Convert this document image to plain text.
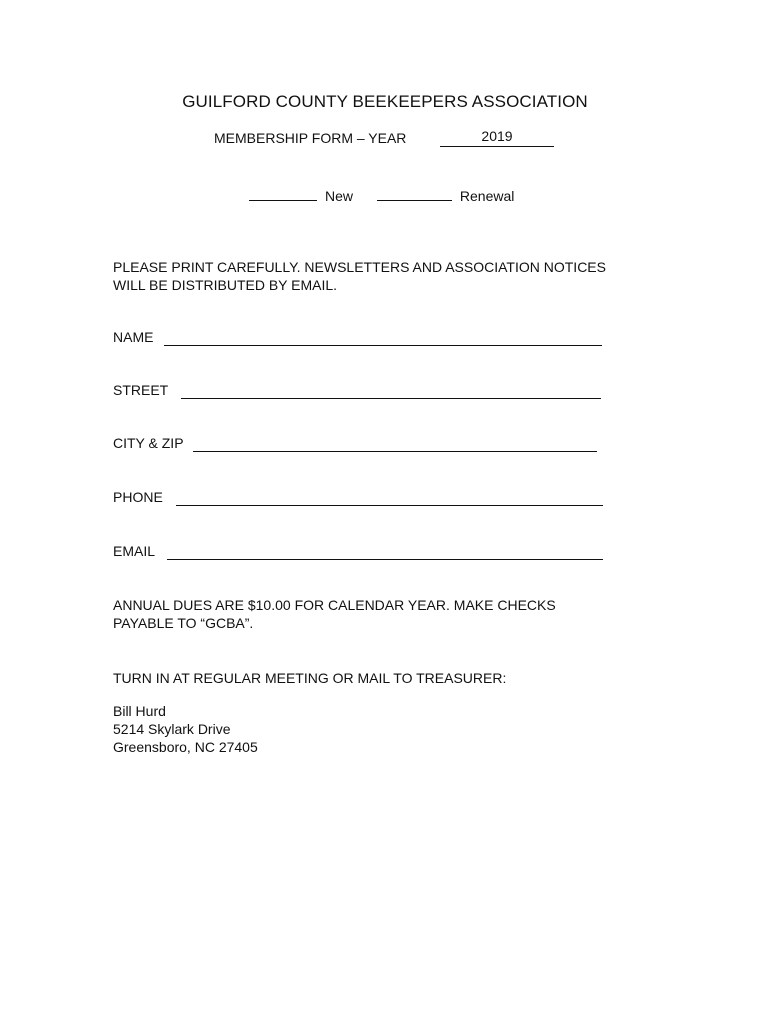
GUILFORD COUNTY BEEKEEPERS ASSOCIATION
MEMBERSHIP FORM – YEAR
2019
New	Renewal
PLEASE PRINT CAREFULLY. NEWSLETTERS AND ASSOCIATION NOTICES
WILL BE DISTRIBUTED BY EMAIL.
NAME
STREET
CITY & ZIP
PHONE
EMAIL
ANNUAL DUES ARE $10.00 FOR CALENDAR YEAR. MAKE CHECKS
PAYABLE TO “GCBA”.
TURN IN AT REGULAR MEETING OR MAIL TO TREASURER:
Bill Hurd
5214 Skylark Drive
Greensboro, NC 27405
